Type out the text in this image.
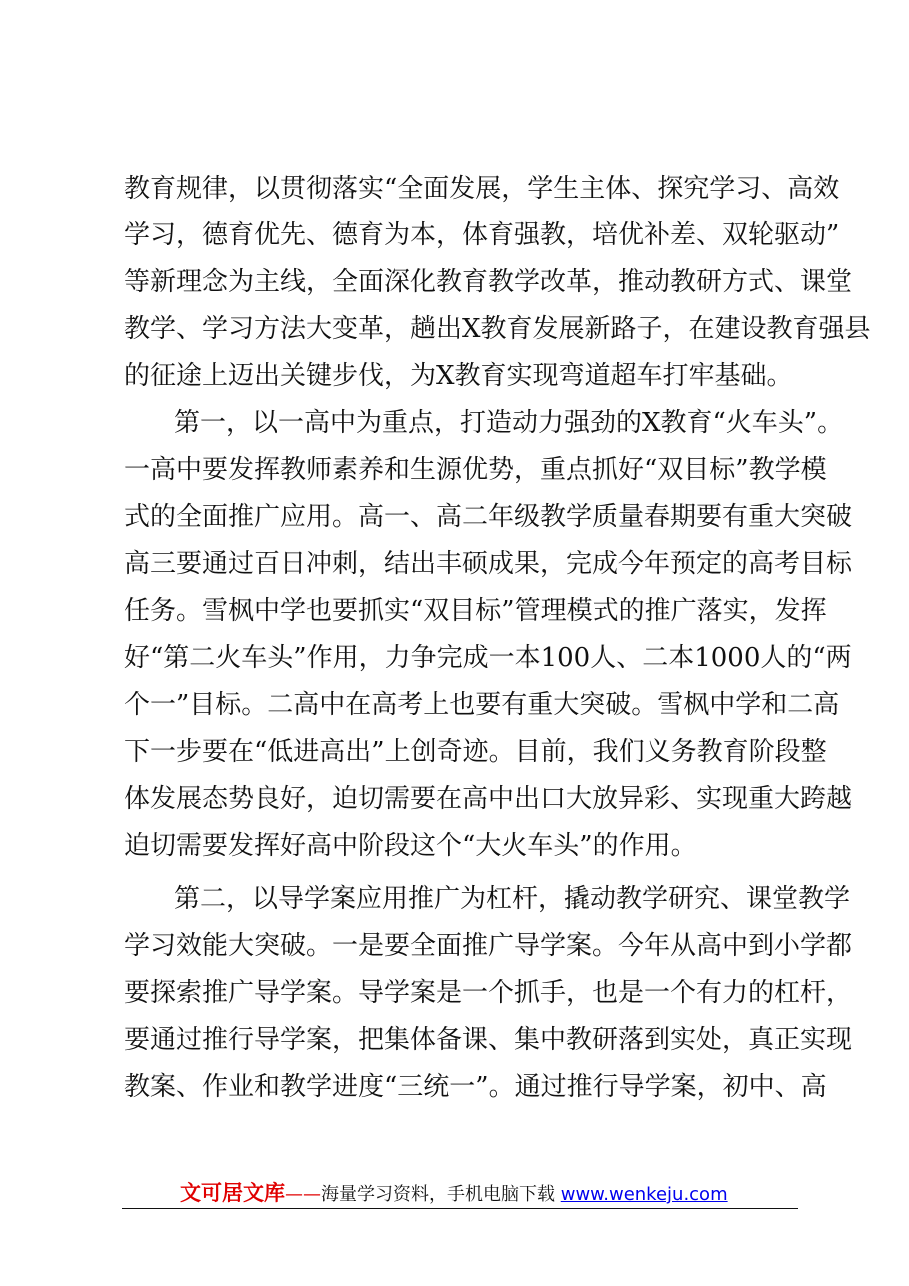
教育规律，以贯彻落实“全面发展，学生主体、探究学习、高效
学习，德育优先、德育为本，体育强教，培优补差、双轮驱动”
等新理念为主线，全面深化教育教学改革，推动教研方式、课堂
教学、学习方法大变革，趟出X教育发展新路子，在建设教育强县
的征途上迈出关键步伐，为X教育实现弯道超车打牢基础。
第一，以一高中为重点，打造动力强劲的X教育“火车头”。
一高中要发挥教师素养和生源优势，重点抓好“双目标”教学模
式的全面推广应用。高一、高二年级教学质量春期要有重大突破
高三要通过百日冲刺，结出丰硕成果，完成今年预定的高考目标
任务。雪枫中学也要抓实“双目标”管理模式的推广落实，发挥
好“第二火车头”作用，力争完成一本100人、二本1000人的“两
个一”目标。二高中在高考上也要有重大突破。雪枫中学和二高
下一步要在“低进高出”上创奇迹。目前，我们义务教育阶段整
体发展态势良好，迫切需要在高中出口大放异彩、实现重大跨越
迫切需要发挥好高中阶段这个“大火车头”的作用。
第二，以导学案应用推广为杠杆，撬动教学研究、课堂教学
学习效能大突破。一是要全面推广导学案。今年从高中到小学都
要探索推广导学案。导学案是一个抓手，也是一个有力的杠杆，
要通过推行导学案，把集体备课、集中教研落到实处，真正实现
教案、作业和教学进度“三统一”。通过推行导学案，初中、高
文可居文库——海量学习资料，手机电脑下载 www.wenkeju.com
